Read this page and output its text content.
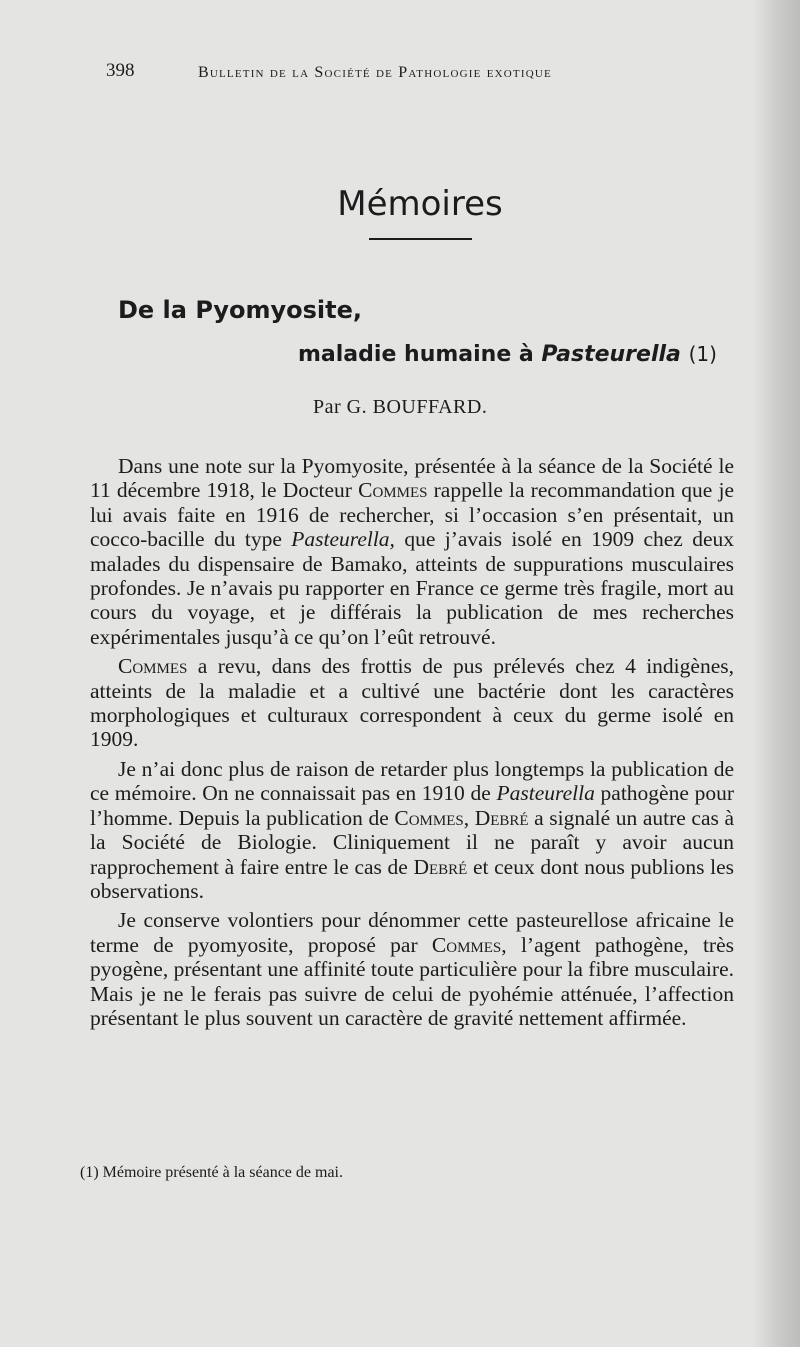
398	Bulletin de la Société de Pathologie exotique
Mémoires
De la Pyomyosite,
maladie humaine à Pasteurella (1)
Par G. BOUFFARD.

Dans une note sur la Pyomyosite, présentée à la séance de la Société le 11 décembre 1918, le Docteur Commes rappelle la recommandation que je lui avais faite en 1916 de rechercher, si l’occasion s’en présentait, un cocco-bacille du type Pasteurella, que j’avais isolé en 1909 chez deux malades du dispensaire de Bamako, atteints de suppurations musculaires profondes. Je n’avais pu rapporter en France ce germe très fragile, mort au cours du voyage, et je différais la publication de mes recherches expérimentales jusqu’à ce qu’on l’eût retrouvé.

Commes a revu, dans des frottis de pus prélevés chez 4 indigènes, atteints de la maladie et a cultivé une bactérie dont les caractères morphologiques et culturaux correspondent à ceux du germe isolé en 1909.

Je n’ai donc plus de raison de retarder plus longtemps la publication de ce mémoire. On ne connaissait pas en 1910 de Pasteurella pathogène pour l’homme. Depuis la publication de Commes, Debré a signalé un autre cas à la Société de Biologie. Cliniquement il ne paraît y avoir aucun rapprochement à faire entre le cas de Debré et ceux dont nous publions les observations.

Je conserve volontiers pour dénommer cette pasteurellose africaine le terme de pyomyosite, proposé par Commes, l’agent pathogène, très pyogène, présentant une affinité toute particulière pour la fibre musculaire. Mais je ne le ferais pas suivre de celui de pyohémie atténuée, l’affection présentant le plus souvent un caractère de gravité nettement affirmée.

(1) Mémoire présenté à la séance de mai.
